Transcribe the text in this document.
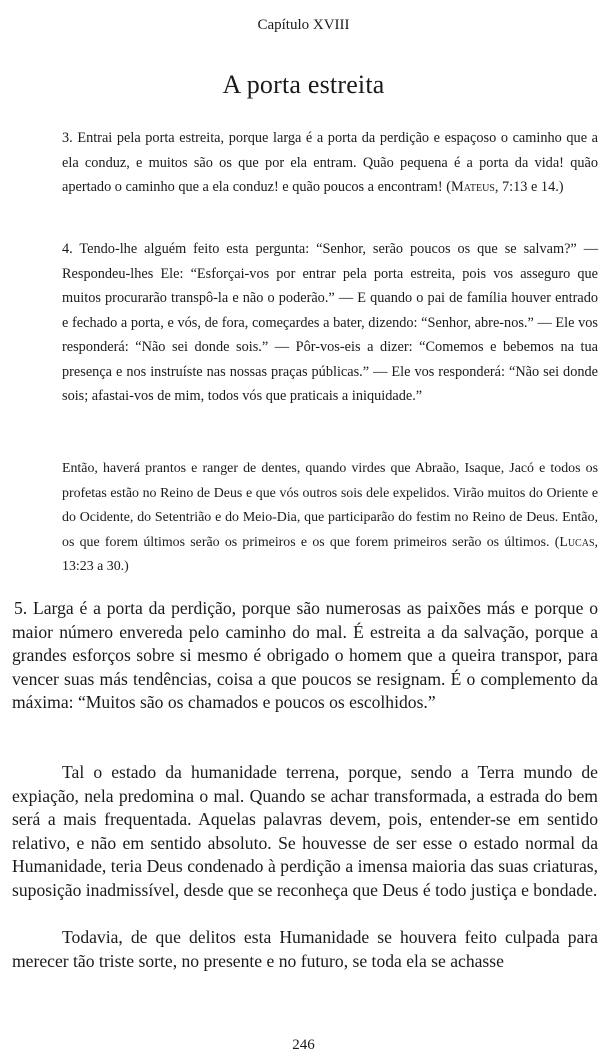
Capítulo XVIII
A porta estreita

3. Entrai pela porta estreita, porque larga é a porta da perdição e espaçoso o caminho que a ela conduz, e muitos são os que por ela entram. Quão pequena é a porta da vida! quão apertado o caminho que a ela conduz! e quão poucos a encontram! (Mateus, 7:13 e 14.)

4. Tendo-lhe alguém feito esta pergunta: “Senhor, serão poucos os que se salvam?” — Respondeu-lhes Ele: “Esforçai-vos por entrar pela porta estreita, pois vos asseguro que muitos procurarão transpô-la e não o poderão.” — E quando o pai de família houver entrado e fechado a porta, e vós, de fora, começardes a bater, dizendo: “Senhor, abre-nos.” — Ele vos responderá: “Não sei donde sois.” — Pôr-vos-eis a dizer: “Comemos e bebemos na tua presença e nos instruíste nas nossas praças públicas.” — Ele vos responderá: “Não sei donde sois; afastai-vos de mim, todos vós que praticais a iniquidade.”

Então, haverá prantos e ranger de dentes, quando virdes que Abraão, Isaque, Jacó e todos os profetas estão no Reino de Deus e que vós outros sois dele expelidos. Virão muitos do Oriente e do Ocidente, do Setentrião e do Meio-Dia, que participarão do festim no Reino de Deus. Então, os que forem últimos serão os primeiros e os que forem primeiros serão os últimos. (Lucas, 13:23 a 30.)

5. Larga é a porta da perdição, porque são numerosas as paixões más e porque o maior número envereda pelo caminho do mal. É estreita a da salvação, porque a grandes esforços sobre si mesmo é obrigado o homem que a queira transpor, para vencer suas más tendências, coisa a que poucos se resignam. É o complemento da máxima: “Muitos são os chamados e poucos os escolhidos.”

Tal o estado da humanidade terrena, porque, sendo a Terra mundo de expiação, nela predomina o mal. Quando se achar transformada, a estrada do bem será a mais frequentada. Aquelas palavras devem, pois, entender-se em sentido relativo, e não em sentido absoluto. Se houvesse de ser esse o estado normal da Humanidade, teria Deus condenado à perdição a imensa maioria das suas criaturas, suposição inadmissível, desde que se reconheça que Deus é todo justiça e bondade.

Todavia, de que delitos esta Humanidade se houvera feito culpada para merecer tão triste sorte, no presente e no futuro, se toda ela se achasse

246
